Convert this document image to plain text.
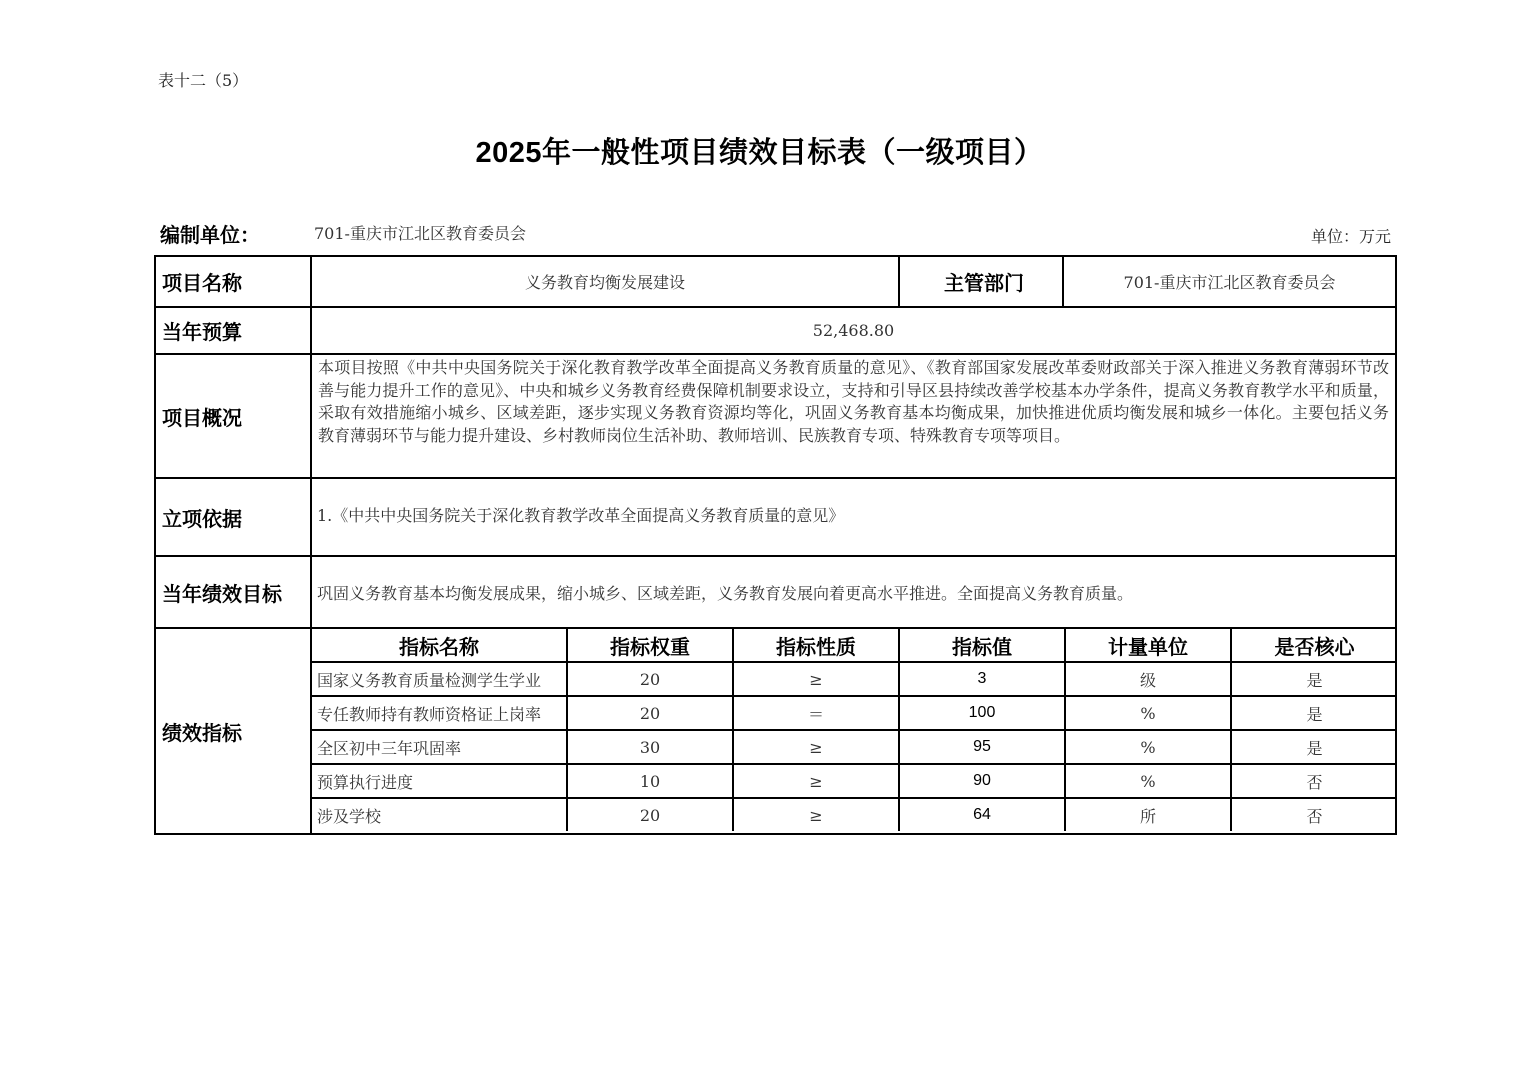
表十二（5）
2025年一般性项目绩效目标表（一级项目）
编制单位：	701-重庆市江北区教育委员会	单位：万元
项目名称	义务教育均衡发展建设	主管部门	701-重庆市江北区教育委员会
当年预算	52,468.80
项目概况	本项目按照《中共中央国务院关于深化教育教学改革全面提高义务教育质量的意见》、《教育部国家发展改革委财政部关于深入推进义务教育薄弱环节改善与能力提升工作的意见》、中央和城乡义务教育经费保障机制要求设立，支持和引导区县持续改善学校基本办学条件，提高义务教育教学水平和质量，采取有效措施缩小城乡、区域差距，逐步实现义务教育资源均等化，巩固义务教育基本均衡成果，加快推进优质均衡发展和城乡一体化。主要包括义务教育薄弱环节与能力提升建设、乡村教师岗位生活补助、教师培训、民族教育专项、特殊教育专项等项目。
立项依据	1.《中共中央国务院关于深化教育教学改革全面提高义务教育质量的意见》
当年绩效目标	巩固义务教育基本均衡发展成果，缩小城乡、区域差距，义务教育发展向着更高水平推进。全面提高义务教育质量。
绩效指标	
指标名称	指标权重	指标性质	指标值	计量单位	是否核心
国家义务教育质量检测学生学业	20	≥	3	级	是
专任教师持有教师资格证上岗率	20	＝	100	%	是
全区初中三年巩固率	30	≥	95	%	是
预算执行进度	10	≥	90	%	否
涉及学校	20	≥	64	所	否
